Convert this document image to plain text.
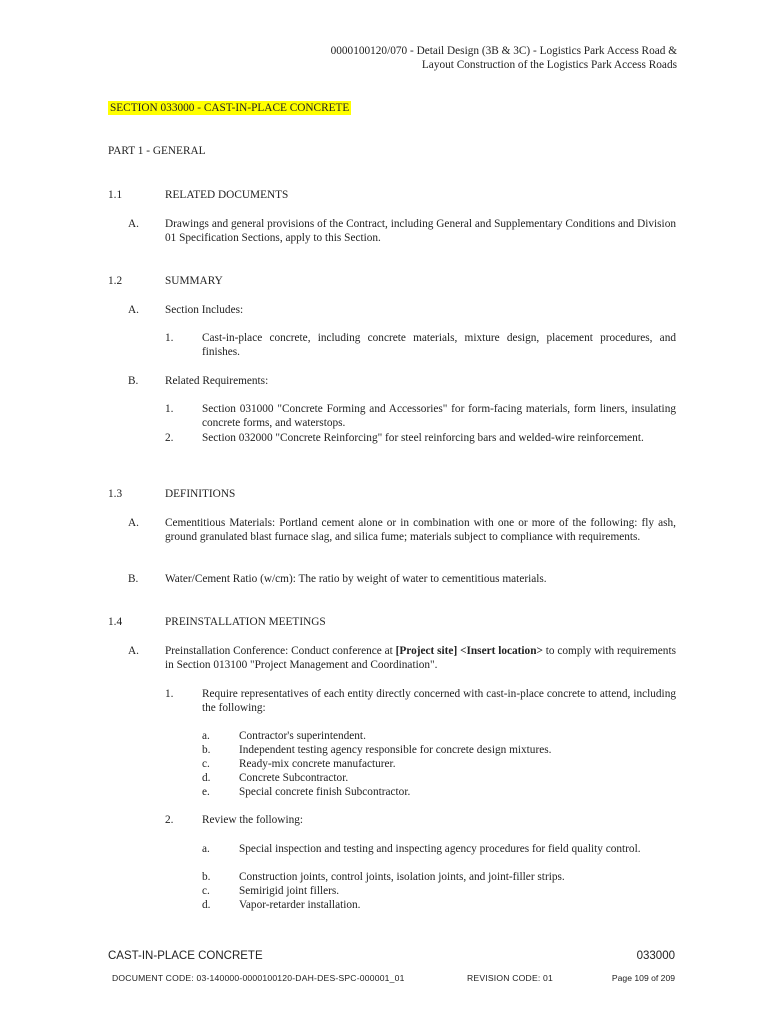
0000100120/070 - Detail Design (3B & 3C) - Logistics Park Access Road &
Layout Construction of the Logistics Park Access Roads
SECTION 033000 - CAST-IN-PLACE CONCRETE
PART 1 - GENERAL
1.1	RELATED DOCUMENTS
A. Drawings and general provisions of the Contract, including General and Supplementary Conditions and Division 01 Specification Sections, apply to this Section.
1.2	SUMMARY
A. Section Includes:
1.	Cast-in-place concrete, including concrete materials, mixture design, placement procedures, and finishes.
B. Related Requirements:
1.	Section 031000 "Concrete Forming and Accessories" for form-facing materials, form liners, insulating concrete forms, and waterstops.
2.	Section 032000 "Concrete Reinforcing" for steel reinforcing bars and welded-wire reinforcement.
1.3	DEFINITIONS
A. Cementitious Materials: Portland cement alone or in combination with one or more of the following: fly ash, ground granulated blast furnace slag, and silica fume; materials subject to compliance with requirements.
B. Water/Cement Ratio (w/cm): The ratio by weight of water to cementitious materials.
1.4	PREINSTALLATION MEETINGS
A. Preinstallation Conference: Conduct conference at [Project site] <Insert location> to comply with requirements in Section 013100 "Project Management and Coordination".
1.	Require representatives of each entity directly concerned with cast-in-place concrete to attend, including the following:
a.	Contractor's superintendent.
b.	Independent testing agency responsible for concrete design mixtures.
c.	Ready-mix concrete manufacturer.
d.	Concrete Subcontractor.
e.	Special concrete finish Subcontractor.
2.	Review the following:
a.	Special inspection and testing and inspecting agency procedures for field quality control.
b.	Construction joints, control joints, isolation joints, and joint-filler strips.
c.	Semirigid joint fillers.
d.	Vapor-retarder installation.
CAST-IN-PLACE CONCRETE	033000
DOCUMENT CODE: 03-140000-0000100120-DAH-DES-SPC-000001_01	REVISION CODE: 01	Page 109 of 209
